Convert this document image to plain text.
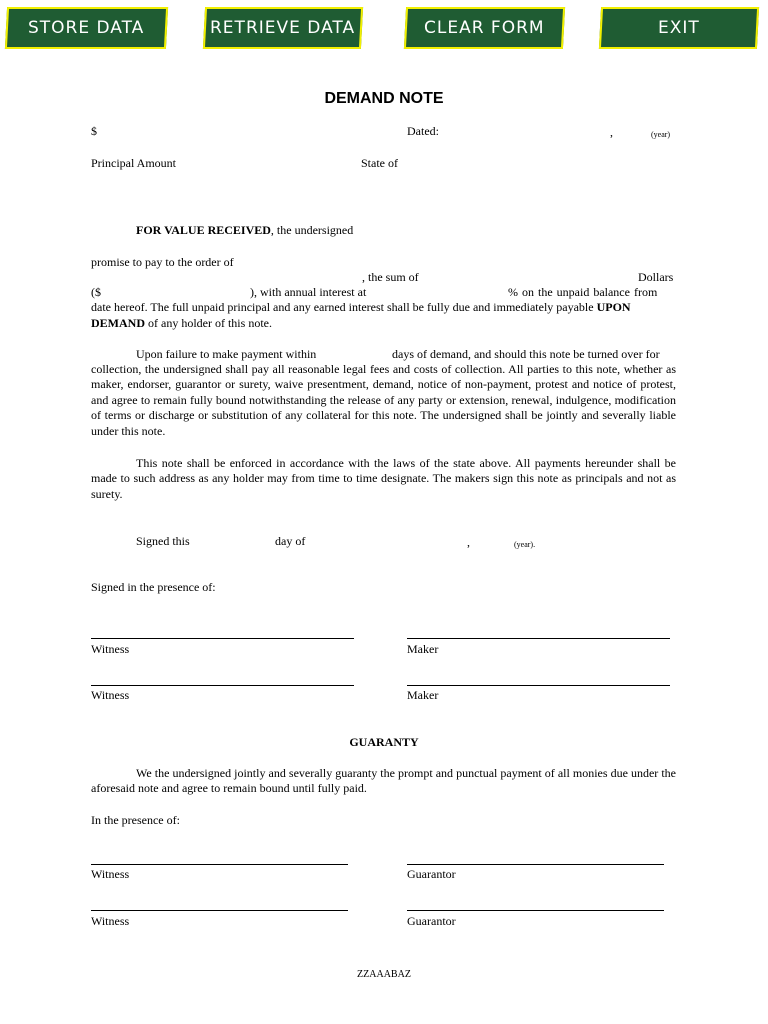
STORE DATA	RETRIEVE DATA	CLEAR FORM	EXIT
DEMAND NOTE
$	Dated:	,	(year)
Principal Amount	State of
FOR VALUE RECEIVED, the undersigned
promise to pay to the order of
, the sum of	Dollars
($	), with annual interest at	% on the unpaid balance from
date hereof. The full unpaid principal and any earned interest shall be fully due and immediately payable UPON
DEMAND of any holder of this note.
Upon failure to make payment within	days of demand, and should this note be turned over for
collection, the undersigned shall pay all reasonable legal fees and costs of collection. All parties to this note, whether as maker, endorser, guarantor or surety, waive presentment, demand, notice of non-payment, protest and notice of protest, and agree to remain fully bound notwithstanding the release of any party or extension, renewal, indulgence, modification of terms or discharge or substitution of any collateral for this note. The undersigned shall be jointly and severally liable under this note.
This note shall be enforced in accordance with the laws of the state above. All payments hereunder shall be made to such address as any holder may from time to time designate. The makers sign this note as principals and not as surety.
Signed this	day of	,	(year).
Signed in the presence of:
Witness	Maker
Witness	Maker
GUARANTY
We the undersigned jointly and severally guaranty the prompt and punctual payment of all monies due under the aforesaid note and agree to remain bound until fully paid.
In the presence of:
Witness	Guarantor
Witness	Guarantor
ZZAAABAZ
